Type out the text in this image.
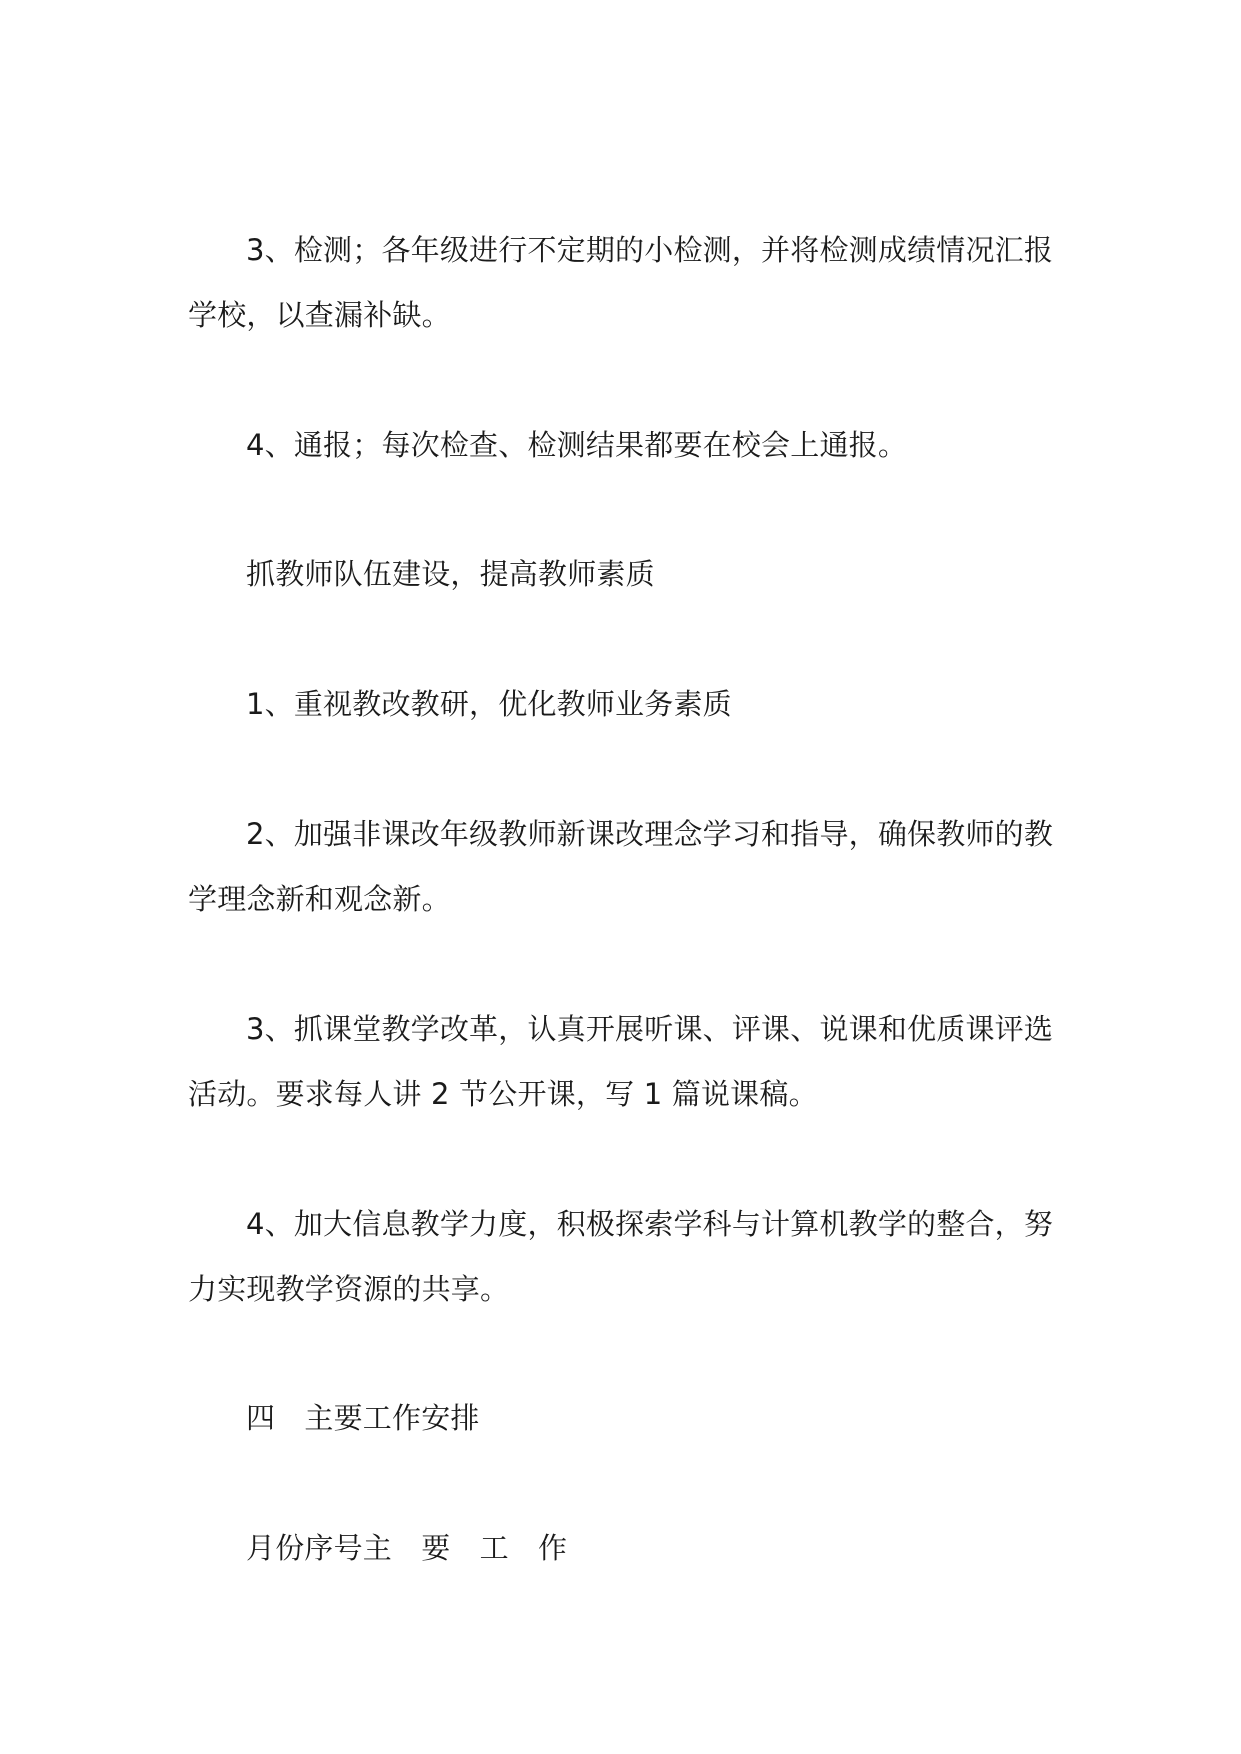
3、检测；各年级进行不定期的小检测，并将检测成绩情况汇报学校，以查漏补缺。

4、通报；每次检查、检测结果都要在校会上通报。

抓教师队伍建设，提高教师素质

1、重视教改教研，优化教师业务素质

2、加强非课改年级教师新课改理念学习和指导，确保教师的教学理念新和观念新。

3、抓课堂教学改革，认真开展听课、评课、说课和优质课评选活动。要求每人讲 2 节公开课，写 1 篇说课稿。

4、加大信息教学力度，积极探索学科与计算机教学的整合，努力实现教学资源的共享。

四　主要工作安排

月份序号主　要　工　作
